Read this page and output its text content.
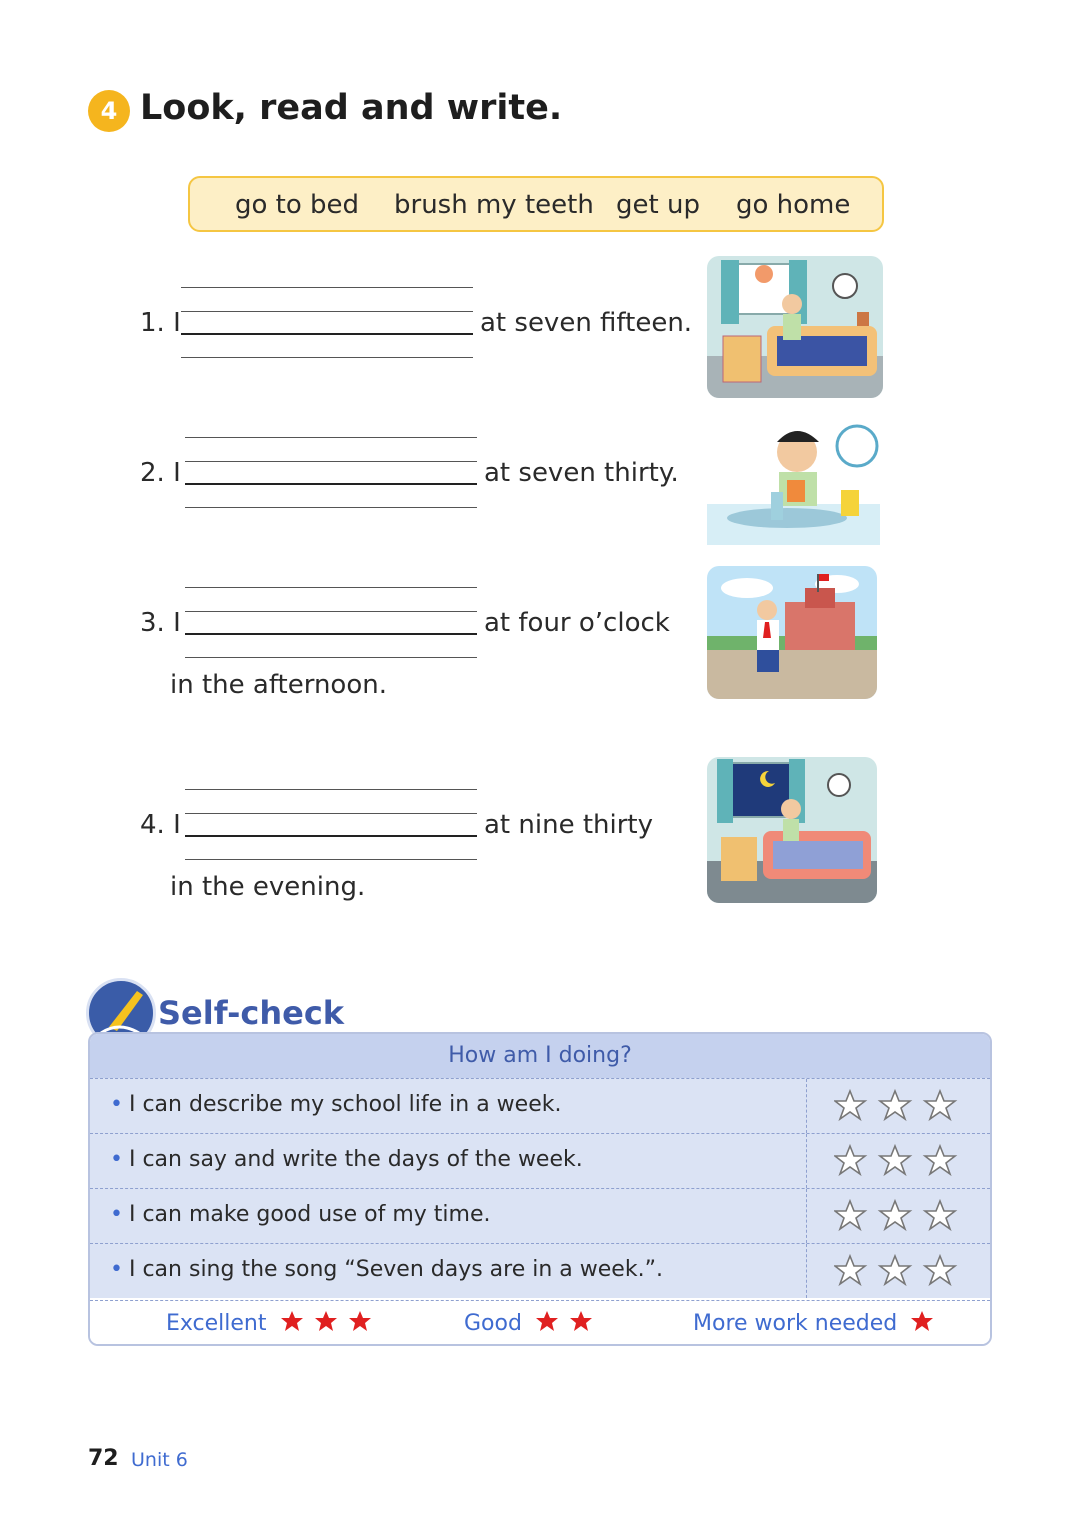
4 Look, read and write.
go to bed brush my teeth get up go home
1. I	at seven fifteen.
2. I	at seven thirty.
3. I	at four o’clock
in the afternoon.
4. I	at nine thirty
in the evening.
Self-check
How am I doing?
• I can describe my school life in a week.
• I can say and write the days of the week.
• I can make good use of my time.
• I can sing the song “Seven days are in a week.”.
Excellent	Good	More work needed
72 Unit 6
